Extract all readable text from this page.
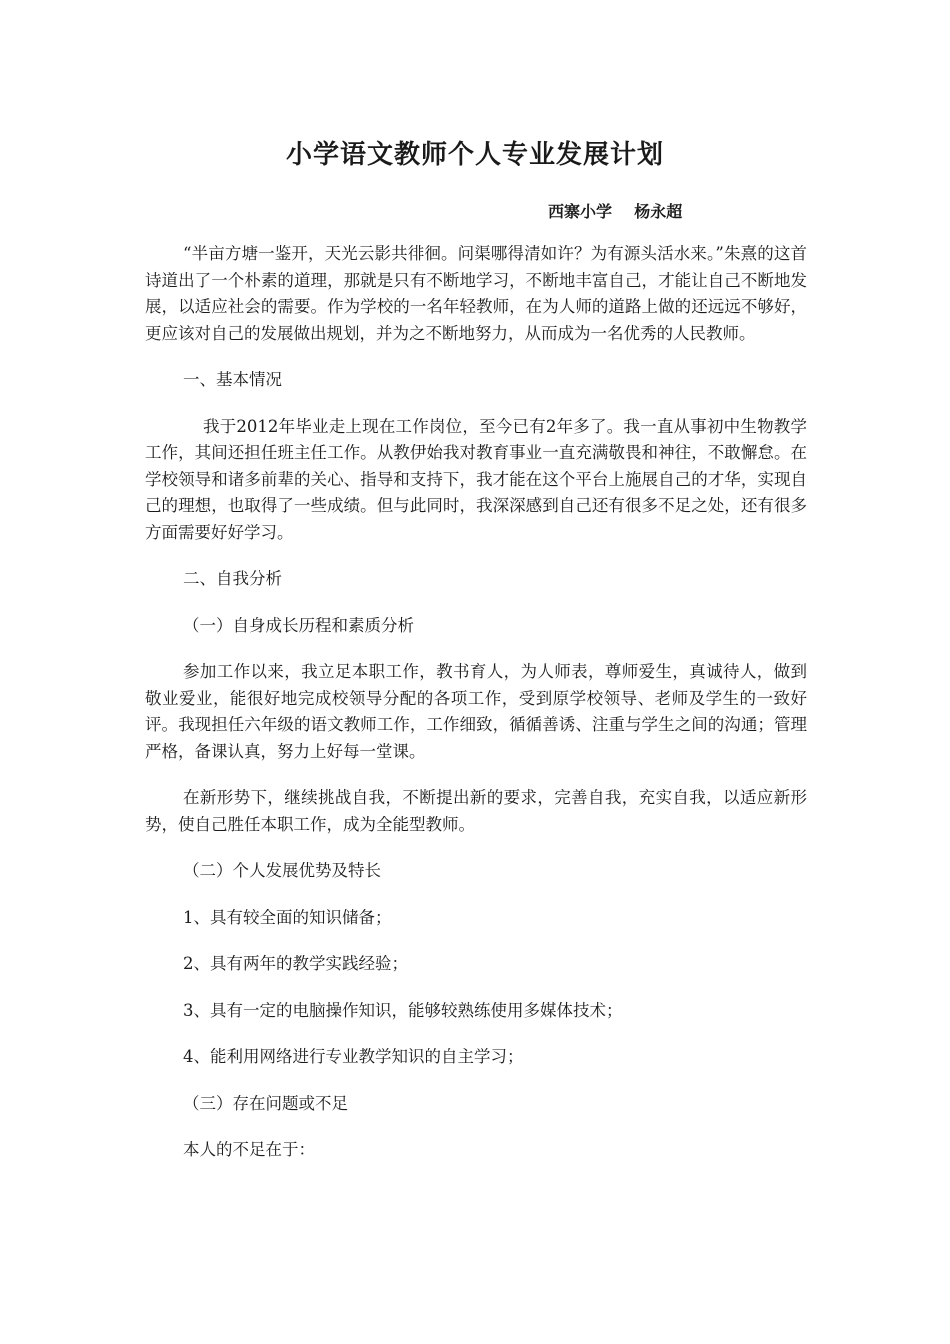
小学语文教师个人专业发展计划
西寨小学    杨永超

“半亩方塘一鉴开，天光云影共徘徊。问渠哪得清如许？为有源头活水来。”朱熹的这首诗道出了一个朴素的道理，那就是只有不断地学习，不断地丰富自己，才能让自己不断地发展，以适应社会的需要。作为学校的一名年轻教师，在为人师的道路上做的还远远不够好，更应该对自己的发展做出规划，并为之不断地努力，从而成为一名优秀的人民教师。

一、基本情况

我于2012年毕业走上现在工作岗位，至今已有2年多了。我一直从事初中生物教学工作，其间还担任班主任工作。从教伊始我对教育事业一直充满敬畏和神往，不敢懈怠。在学校领导和诸多前辈的关心、指导和支持下，我才能在这个平台上施展自己的才华，实现自己的理想，也取得了一些成绩。但与此同时，我深深感到自己还有很多不足之处，还有很多方面需要好好学习。

二、自我分析

（一）自身成长历程和素质分析

参加工作以来，我立足本职工作，教书育人，为人师表，尊师爱生，真诚待人，做到敬业爱业，能很好地完成校领导分配的各项工作，受到原学校领导、老师及学生的一致好评。我现担任六年级的语文教师工作，工作细致，循循善诱、注重与学生之间的沟通；管理严格，备课认真，努力上好每一堂课。

在新形势下，继续挑战自我，不断提出新的要求，完善自我，充实自我，以适应新形势，使自己胜任本职工作，成为全能型教师。

（二）个人发展优势及特长

1、具有较全面的知识储备；

2、具有两年的教学实践经验；

3、具有一定的电脑操作知识，能够较熟练使用多媒体技术；

4、能利用网络进行专业教学知识的自主学习；

（三）存在问题或不足

本人的不足在于：
